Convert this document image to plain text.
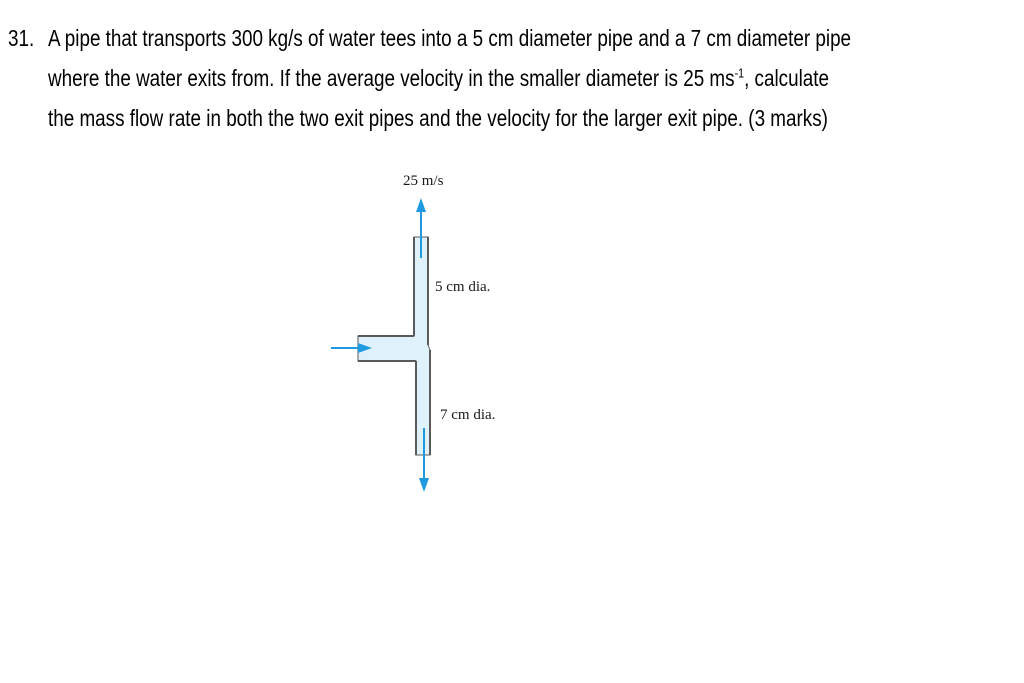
31. A pipe that transports 300 kg/s of water tees into a 5 cm diameter pipe and a 7 cm diameter pipe
where the water exits from. If the average velocity in the smaller diameter is 25 $ms^{-1}$, calculate
the mass flow rate in both the two exit pipes and the velocity for the larger exit pipe. (3 marks)
25 m/s
5 cm dia.
7 cm dia.
